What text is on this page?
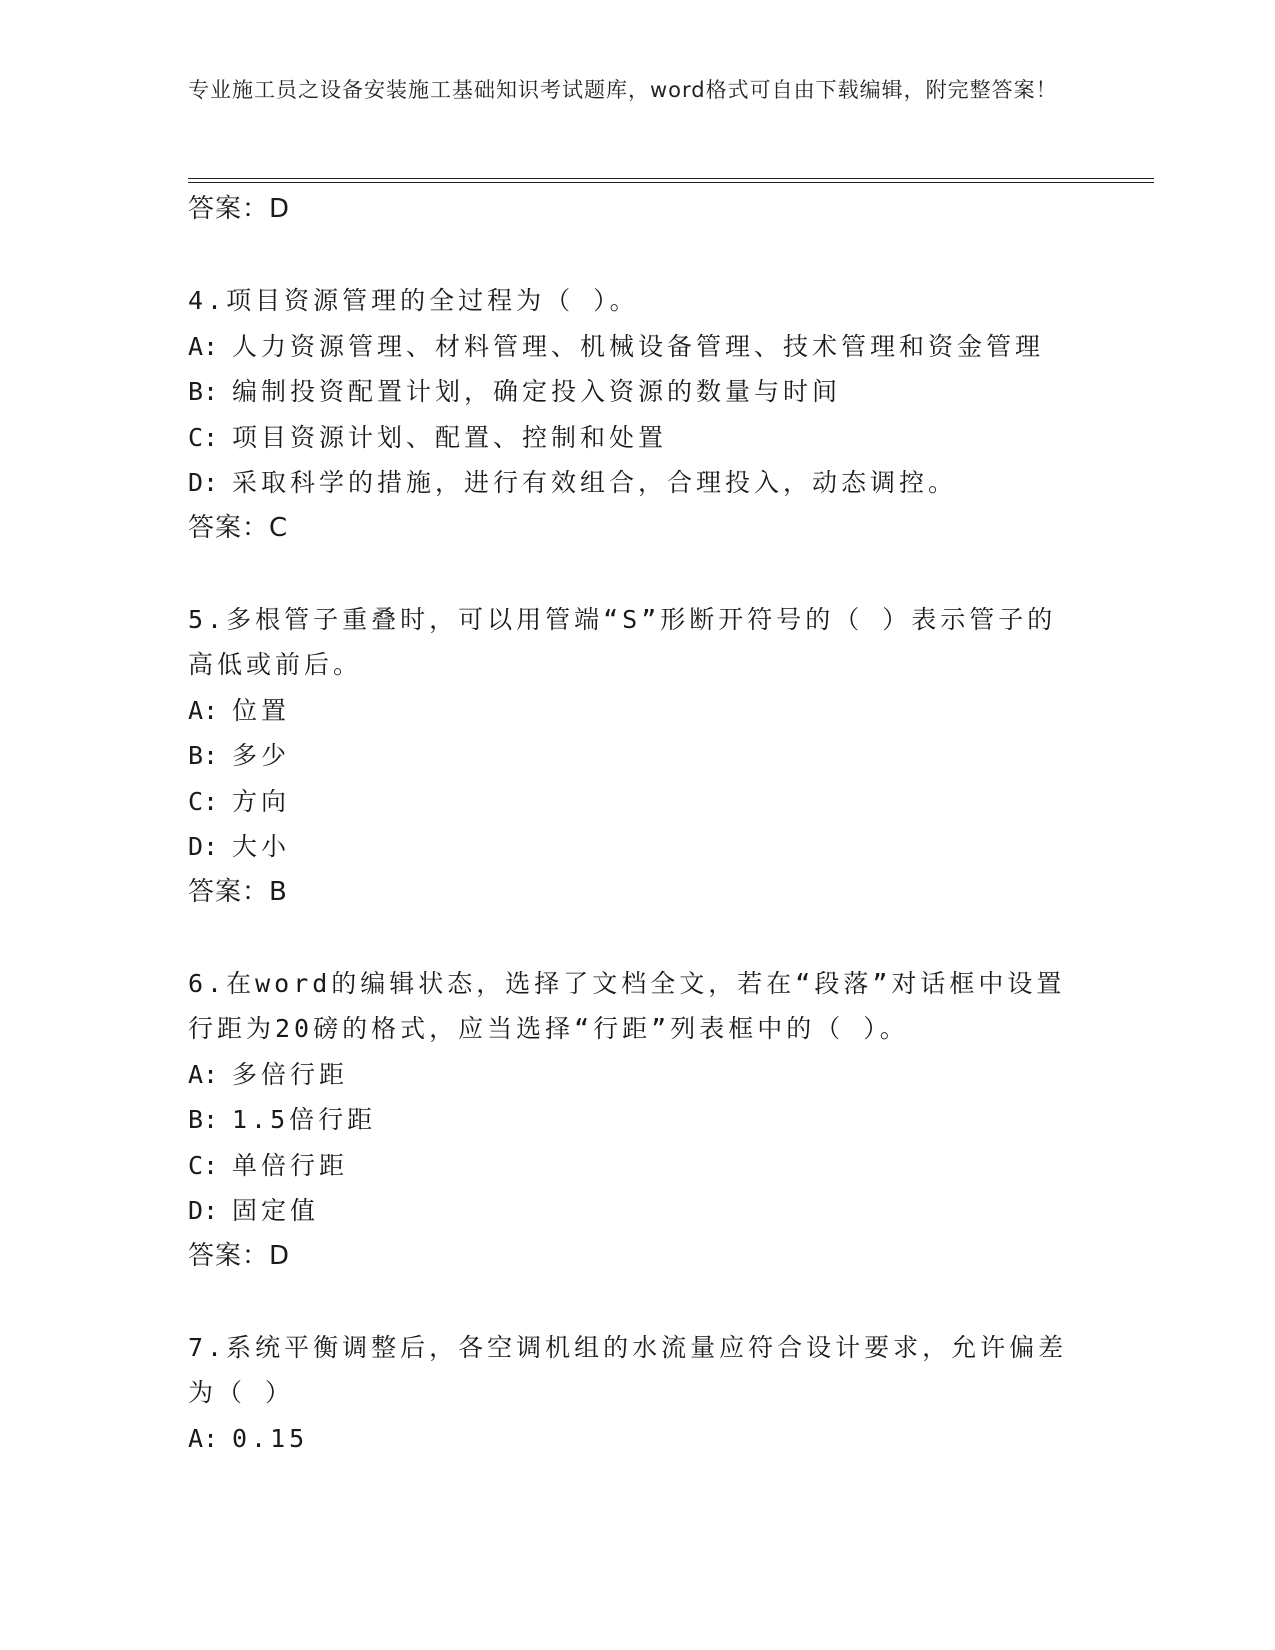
专业施工员之设备安装施工基础知识考试题库，word格式可自由下载编辑，附完整答案！
答案：D
4.项目资源管理的全过程为（ ）。
A: 人力资源管理、材料管理、机械设备管理、技术管理和资金管理
B: 编制投资配置计划，确定投入资源的数量与时间
C: 项目资源计划、配置、控制和处置
D: 采取科学的措施，进行有效组合，合理投入，动态调控。
答案：C
5.多根管子重叠时，可以用管端“S”形断开符号的（ ）表示管子的
高低或前后。
A: 位置
B: 多少
C: 方向
D: 大小
答案：B
6.在word的编辑状态，选择了文档全文，若在“段落”对话框中设置
行距为20磅的格式，应当选择“行距”列表框中的（ ）。
A: 多倍行距
B: 1.5倍行距
C: 单倍行距
D: 固定值
答案：D
7.系统平衡调整后，各空调机组的水流量应符合设计要求，允许偏差
为（ ）
A: 0.15
